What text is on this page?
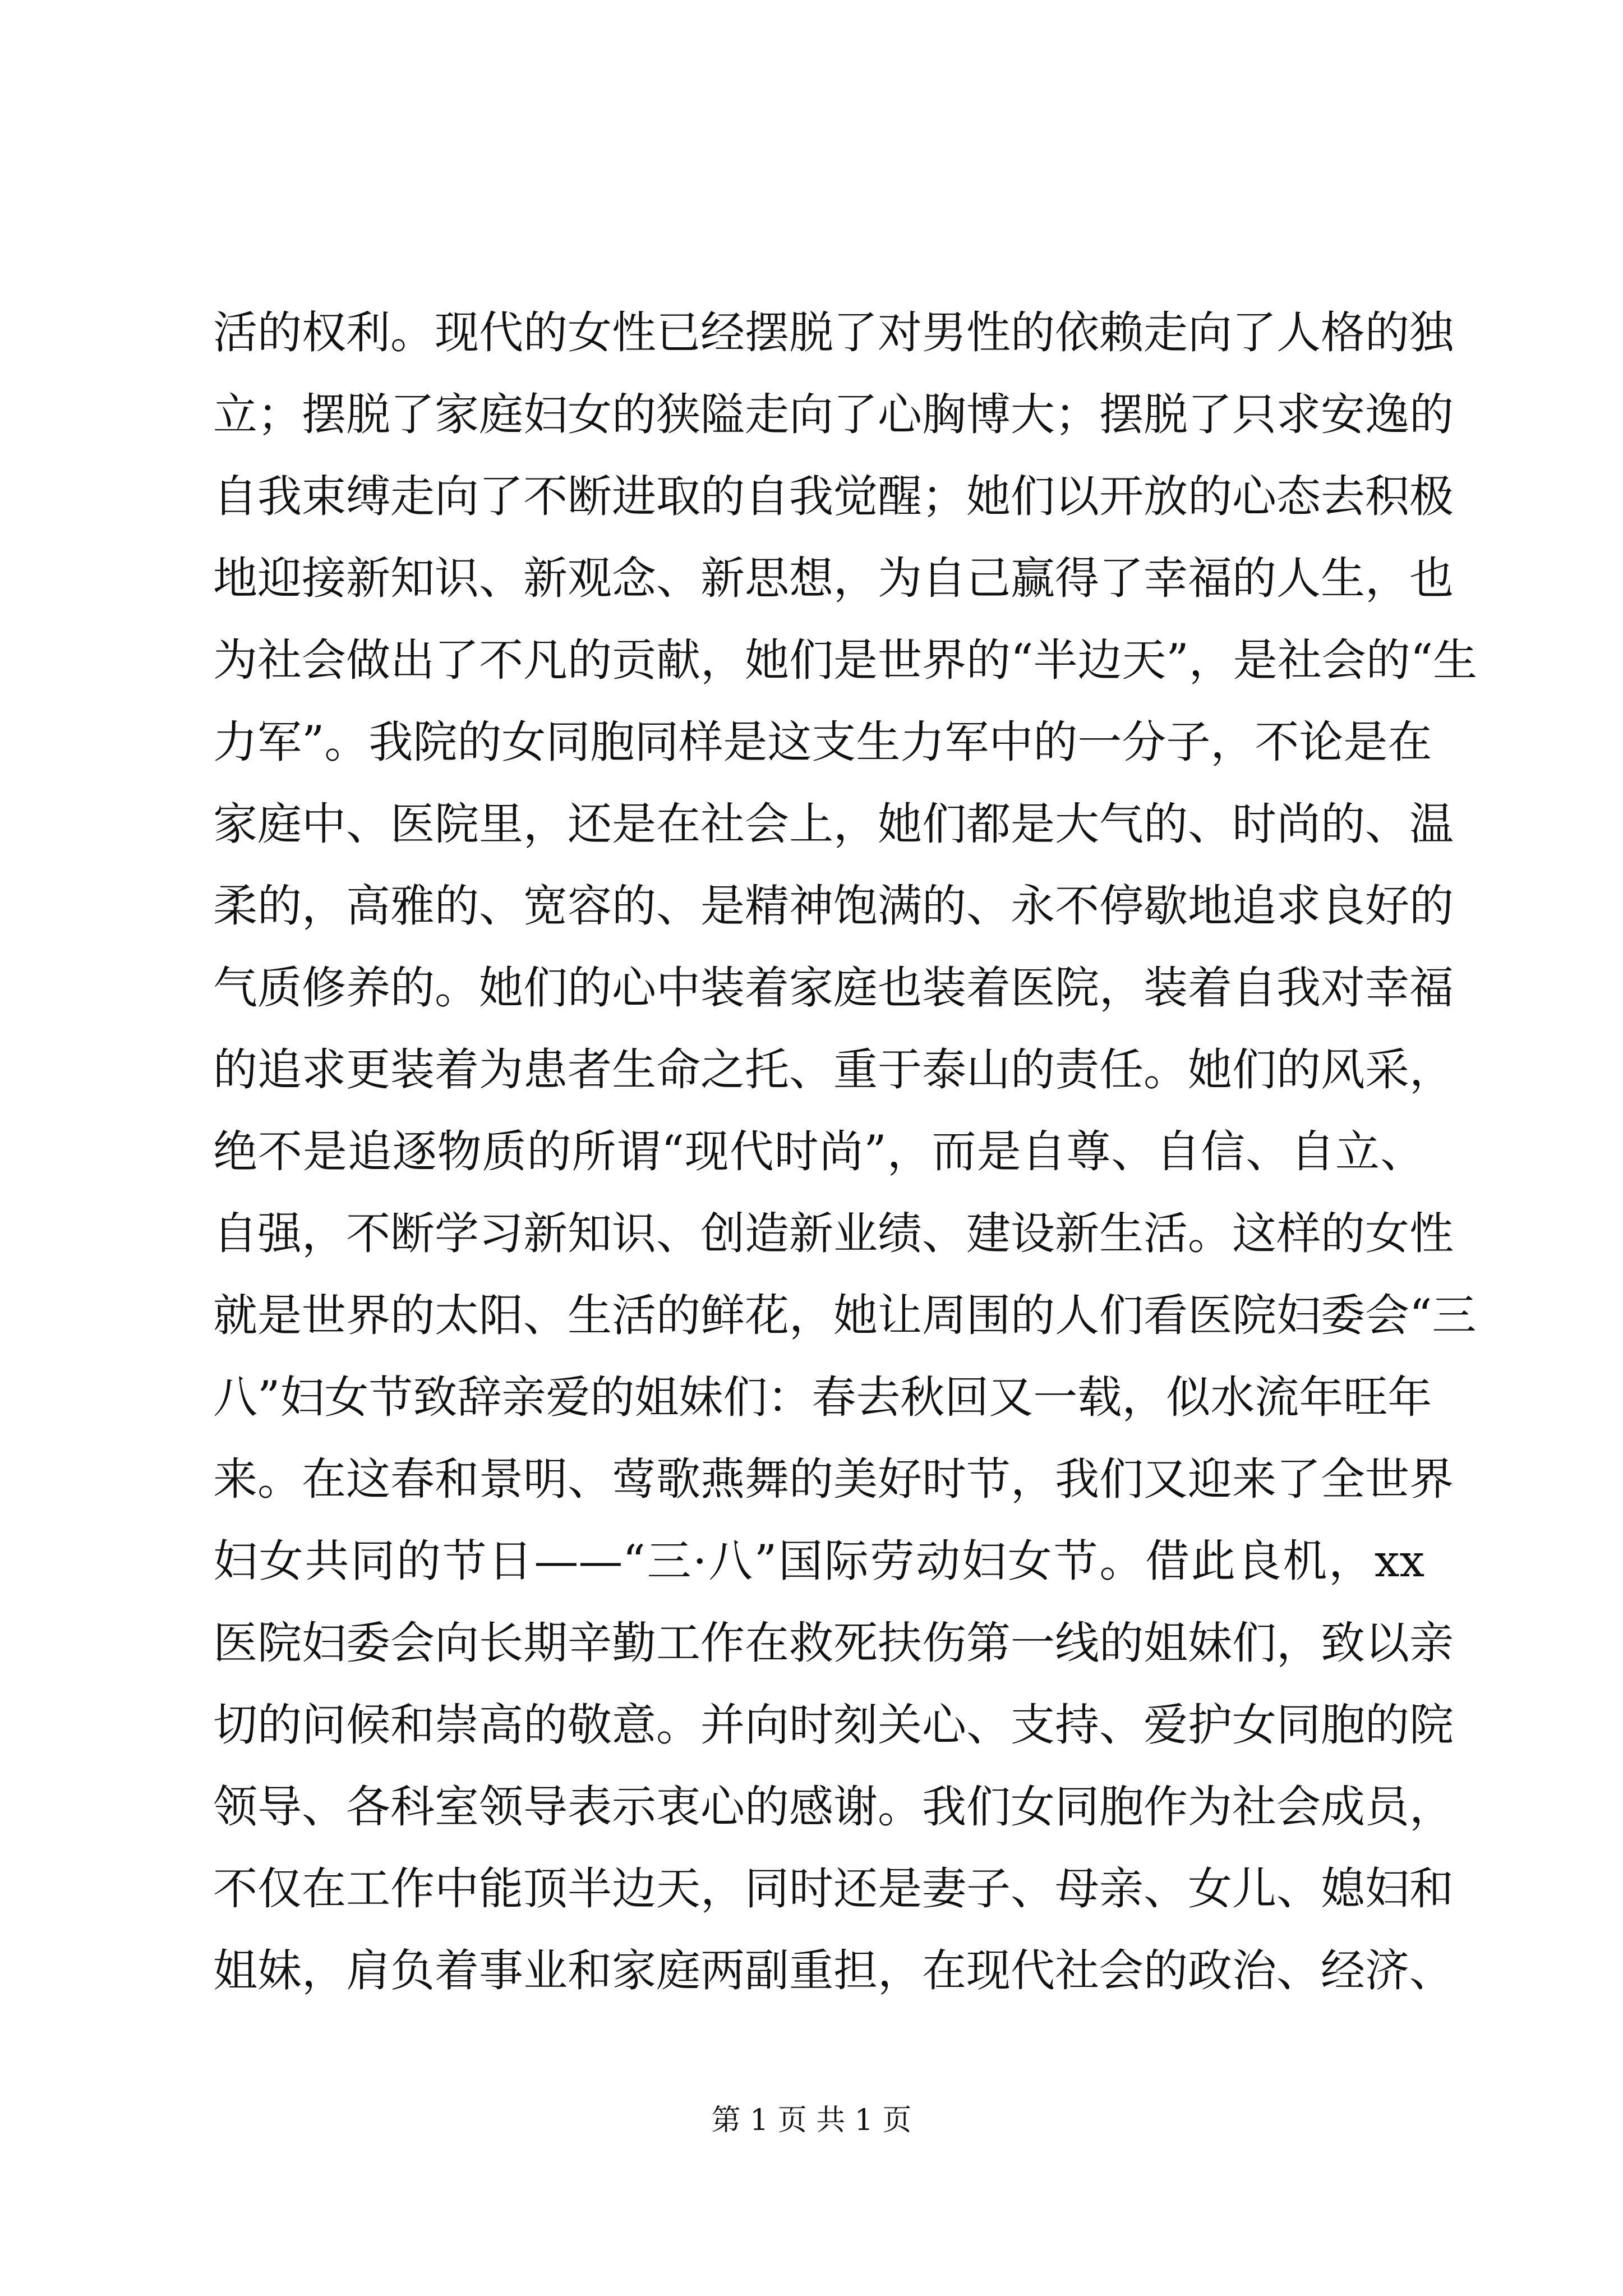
活的权利。现代的女性已经摆脱了对男性的依赖走向了人格的独
立；摆脱了家庭妇女的狭隘走向了心胸博大；摆脱了只求安逸的
自我束缚走向了不断进取的自我觉醒；她们以开放的心态去积极
地迎接新知识、新观念、新思想，为自己赢得了幸福的人生，也
为社会做出了不凡的贡献，她们是世界的“半边天”，是社会的“生
力军”。我院的女同胞同样是这支生力军中的一分子，不论是在
家庭中、医院里，还是在社会上，她们都是大气的、时尚的、温
柔的，高雅的、宽容的、是精神饱满的、永不停歇地追求良好的
气质修养的。她们的心中装着家庭也装着医院，装着自我对幸福
的追求更装着为患者生命之托、重于泰山的责任。她们的风采，
绝不是追逐物质的所谓“现代时尚”，而是自尊、自信、自立、
自强，不断学习新知识、创造新业绩、建设新生活。这样的女性
就是世界的太阳、生活的鲜花，她让周围的人们看医院妇委会“三
八”妇女节致辞亲爱的姐妹们：春去秋回又一载，似水流年旺年
来。在这春和景明、莺歌燕舞的美好时节，我们又迎来了全世界
妇女共同的节日——“三·八”国际劳动妇女节。借此良机，xx
医院妇委会向长期辛勤工作在救死扶伤第一线的姐妹们，致以亲
切的问候和崇高的敬意。并向时刻关心、支持、爱护女同胞的院
领导、各科室领导表示衷心的感谢。我们女同胞作为社会成员，
不仅在工作中能顶半边天，同时还是妻子、母亲、女儿、媳妇和
姐妹，肩负着事业和家庭两副重担，在现代社会的政治、经济、
第 1 页 共 1 页
